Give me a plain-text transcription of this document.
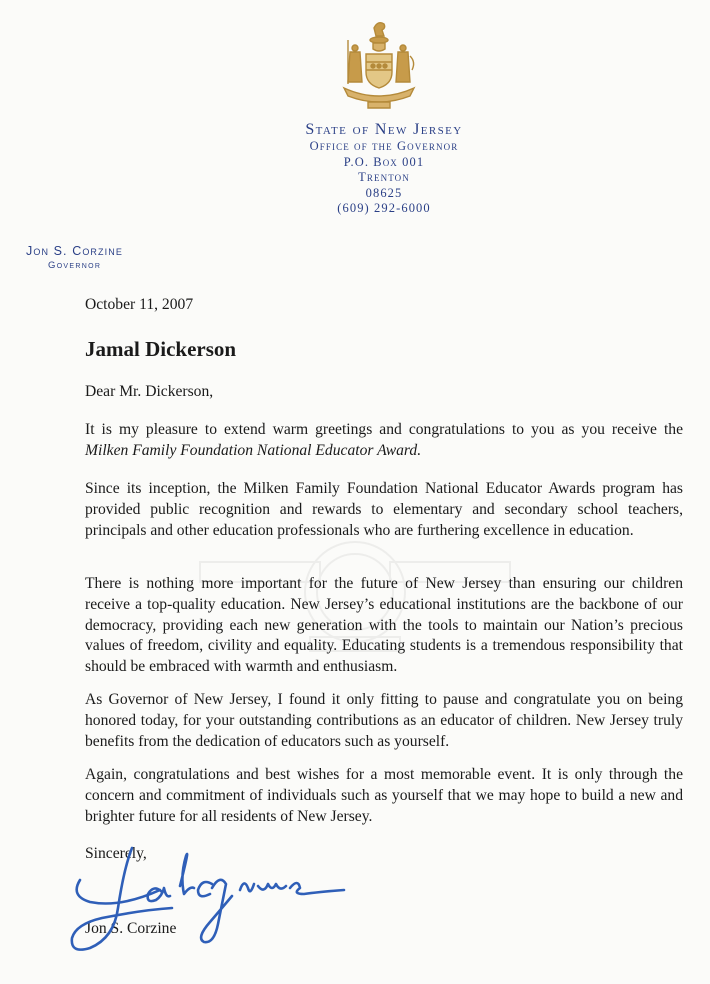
State of New Jersey
Office of the Governor
P.O. Box 001
Trenton
08625
(609) 292-6000
Jon S. Corzine
Governor
October 11, 2007
Jamal Dickerson
Dear Mr. Dickerson,
It is my pleasure to extend warm greetings and congratulations to you as you receive the Milken Family Foundation National Educator Award.
Since its inception, the Milken Family Foundation National Educator Awards program has provided public recognition and rewards to elementary and secondary school teachers, principals and other education professionals who are furthering excellence in education.
There is nothing more important for the future of New Jersey than ensuring our children receive a top-quality education. New Jersey’s educational institutions are the backbone of our democracy, providing each new generation with the tools to maintain our Nation’s precious values of freedom, civility and equality. Educating students is a tremendous responsibility that should be embraced with warmth and enthusiasm.
As Governor of New Jersey, I found it only fitting to pause and congratulate you on being honored today, for your outstanding contributions as an educator of children. New Jersey truly benefits from the dedication of educators such as yourself.
Again, congratulations and best wishes for a most memorable event. It is only through the concern and commitment of individuals such as yourself that we may hope to build a new and brighter future for all residents of New Jersey.
Sincerely,
Jon S. Corzine
